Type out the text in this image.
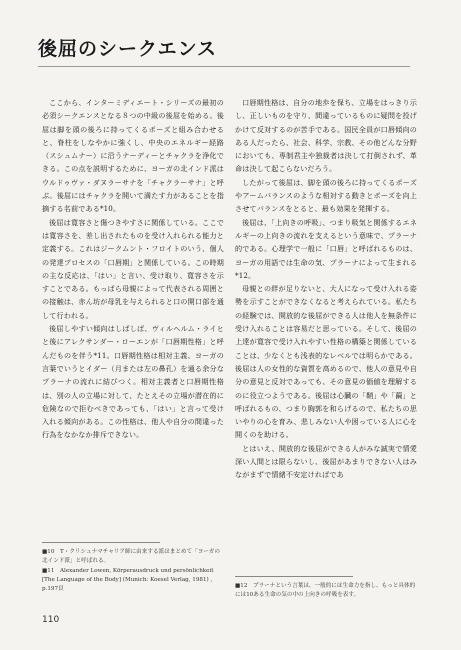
後屈のシークエンス

ここから、インターミディエート・シリーズの最初の必須シークエンスとなる８つの中級の後屈を始める。後屈は脚を頭の後ろに持ってくるポーズと組み合わせると、脊柱をしなやかに強くし、中央のエネルギー経路（スシュムナー）に沿うナーディーとチャクラを浄化できる。この点を説明するために、ヨーガの北インド派はウルドゥヴァ・ダヌラーサナを「チャクラーサナ」と呼ぶ。後屈にはチャクラを開いて満たす力があることを指摘する名前である*10。

後屈は寛容さと傷つきやすさに関係している。ここでは寛容さを、差し出されたものを受け入れられる能力と定義する。これはジークムント・フロイトのいう、個人の発達プロセスの「口唇期」と関係している。この時期の主な反応は、「はい」と言い、受け取り、寛容さを示すことである。もっぱら母親によって代表される周囲との接触は、赤ん坊が母乳を与えられると口の開口部を通して行われる。

後屈しやすい傾向はしばしば、ヴィルヘルム・ライヒと後にアレクサンダー・ローエンが「口唇期性格」と呼んだものを伴う*11。口唇期性格は相対主義、ヨーガの言葉でいうとイダー（月または左の鼻孔）を通る余分なプラーナの流れに結びつく。相対主義者と口唇期性格は、別の人の立場に対して、たとえその立場が潜在的に危険なので拒むべきであっても、「はい」と言って受け入れる傾向がある。この性格は、他人や自分の間違った行為をなかなか排斥できない。

口唇期性格は、自分の地歩を保ち、立場をはっきり示し、正しいものを守り、間違っているものに疑問を投げかけて反対するのが苦手である。国民全員が口唇傾向のある人だったら、社会、科学、宗教、その他どんな分野においても、専制君主や独裁者は決して打倒されず、革命は決して起こらないだろう。

したがって後屈は、脚を頭の後ろに持ってくるポーズやアームバランスのような相対する動きとポーズを向上させてバランスをとると、最も効果を発揮する。

後屈は、「上向きの呼吸」、つまり吸気と関係するエネルギーの上向きの流れを支えるという意味で、プラーナ的である。心理学で一般に「口唇」と呼ばれるものは、ヨーガの用語では生命の気、プラーナによって生まれる*12。

母親との絆が足りないと、大人になって受け入れる姿勢を示すことができなくなると考えられている。私たちの経験では、開放的な後屈ができる人は他人を無条件に受け入れることは容易だと思っている。そして、後屈の上達が寛容で受け入れやすい性格の構築と関係していることは、少なくとも浅表的なレベルでは明らかである。後屈は人の女性的な資質を高めるので、他人の意見や自分の意見と反対であっても、その意見の価値を理解するのに役立つようである。後屈は心臓の「鞘」や「繭」と呼ばれるもの、つまり胸郭を和らげるので、私たちの思いやりの心を育み、悲しみない人や困っている人に心を開くのを助ける。

とはいえ、開放的な後屈ができる人がみな誠実で情愛深い人間とは限らないし、後屈があまりできない人はみながまずで情緒不安定ければであ

■10　T・クリシュナマチャリア師に由来する派はまとめて「ヨーガの北インド派」と呼ばれる。

■11　Alexander Lowen, Körperausdruck und persönlichkeit [The Language of the Body] (Munich: Koesel Verlag, 1981) , p.197頁	■12　プラーナという言葉は、一般的には生命力を指し、もっと具体的には10ある生命の気の中の上向きの呼吸を表す。

110
